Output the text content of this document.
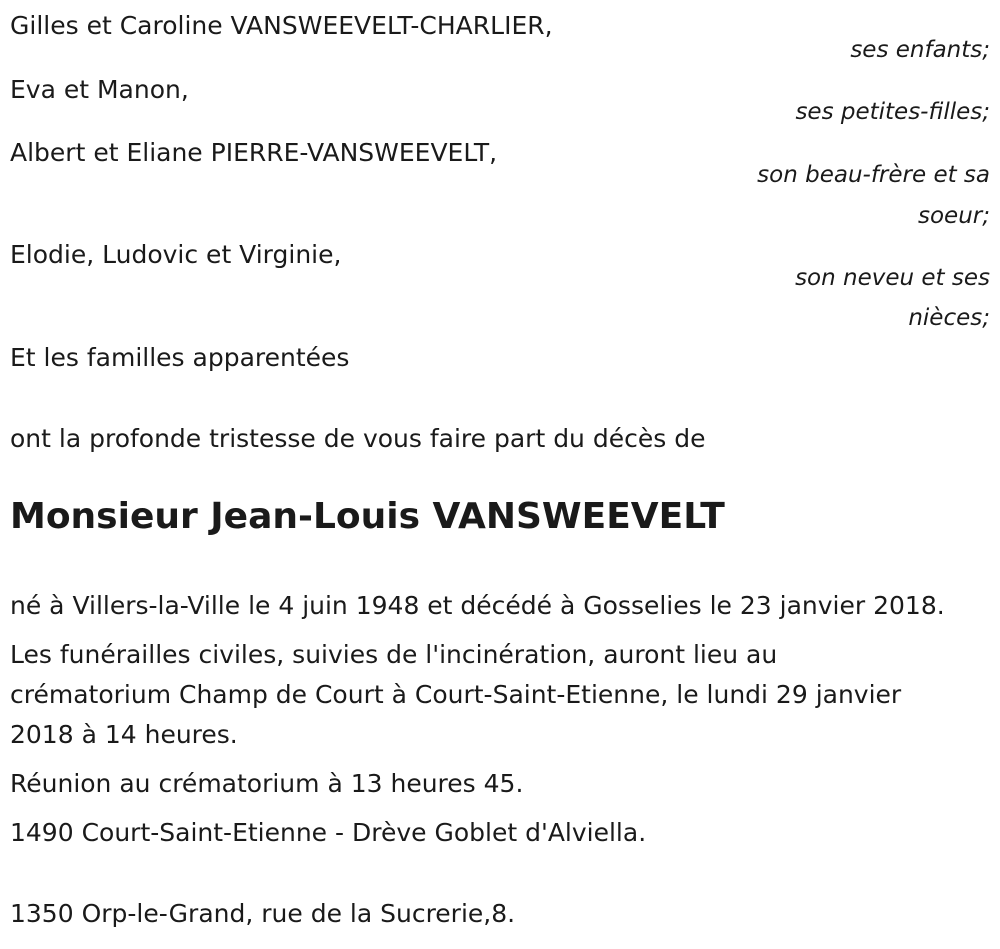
Gilles et Caroline VANSWEEVELT-CHARLIER,
ses enfants;
Eva et Manon,
ses petites-filles;
Albert et Eliane PIERRE-VANSWEEVELT,
son beau-frère et sa
soeur;
Elodie, Ludovic et Virginie,
son neveu et ses
nièces;
Et les familles apparentées
ont la profonde tristesse de vous faire part du décès de
Monsieur Jean-Louis VANSWEEVELT
né à Villers-la-Ville le 4 juin 1948 et décédé à Gosselies le 23 janvier 2018.
Les funérailles civiles, suivies de l'incinération, auront lieu au
crématorium Champ de Court à Court-Saint-Etienne, le lundi 29 janvier
2018 à 14 heures.
Réunion au crématorium à 13 heures 45.
1490 Court-Saint-Etienne - Drève Goblet d'Alviella.
1350 Orp-le-Grand, rue de la Sucrerie,8.
